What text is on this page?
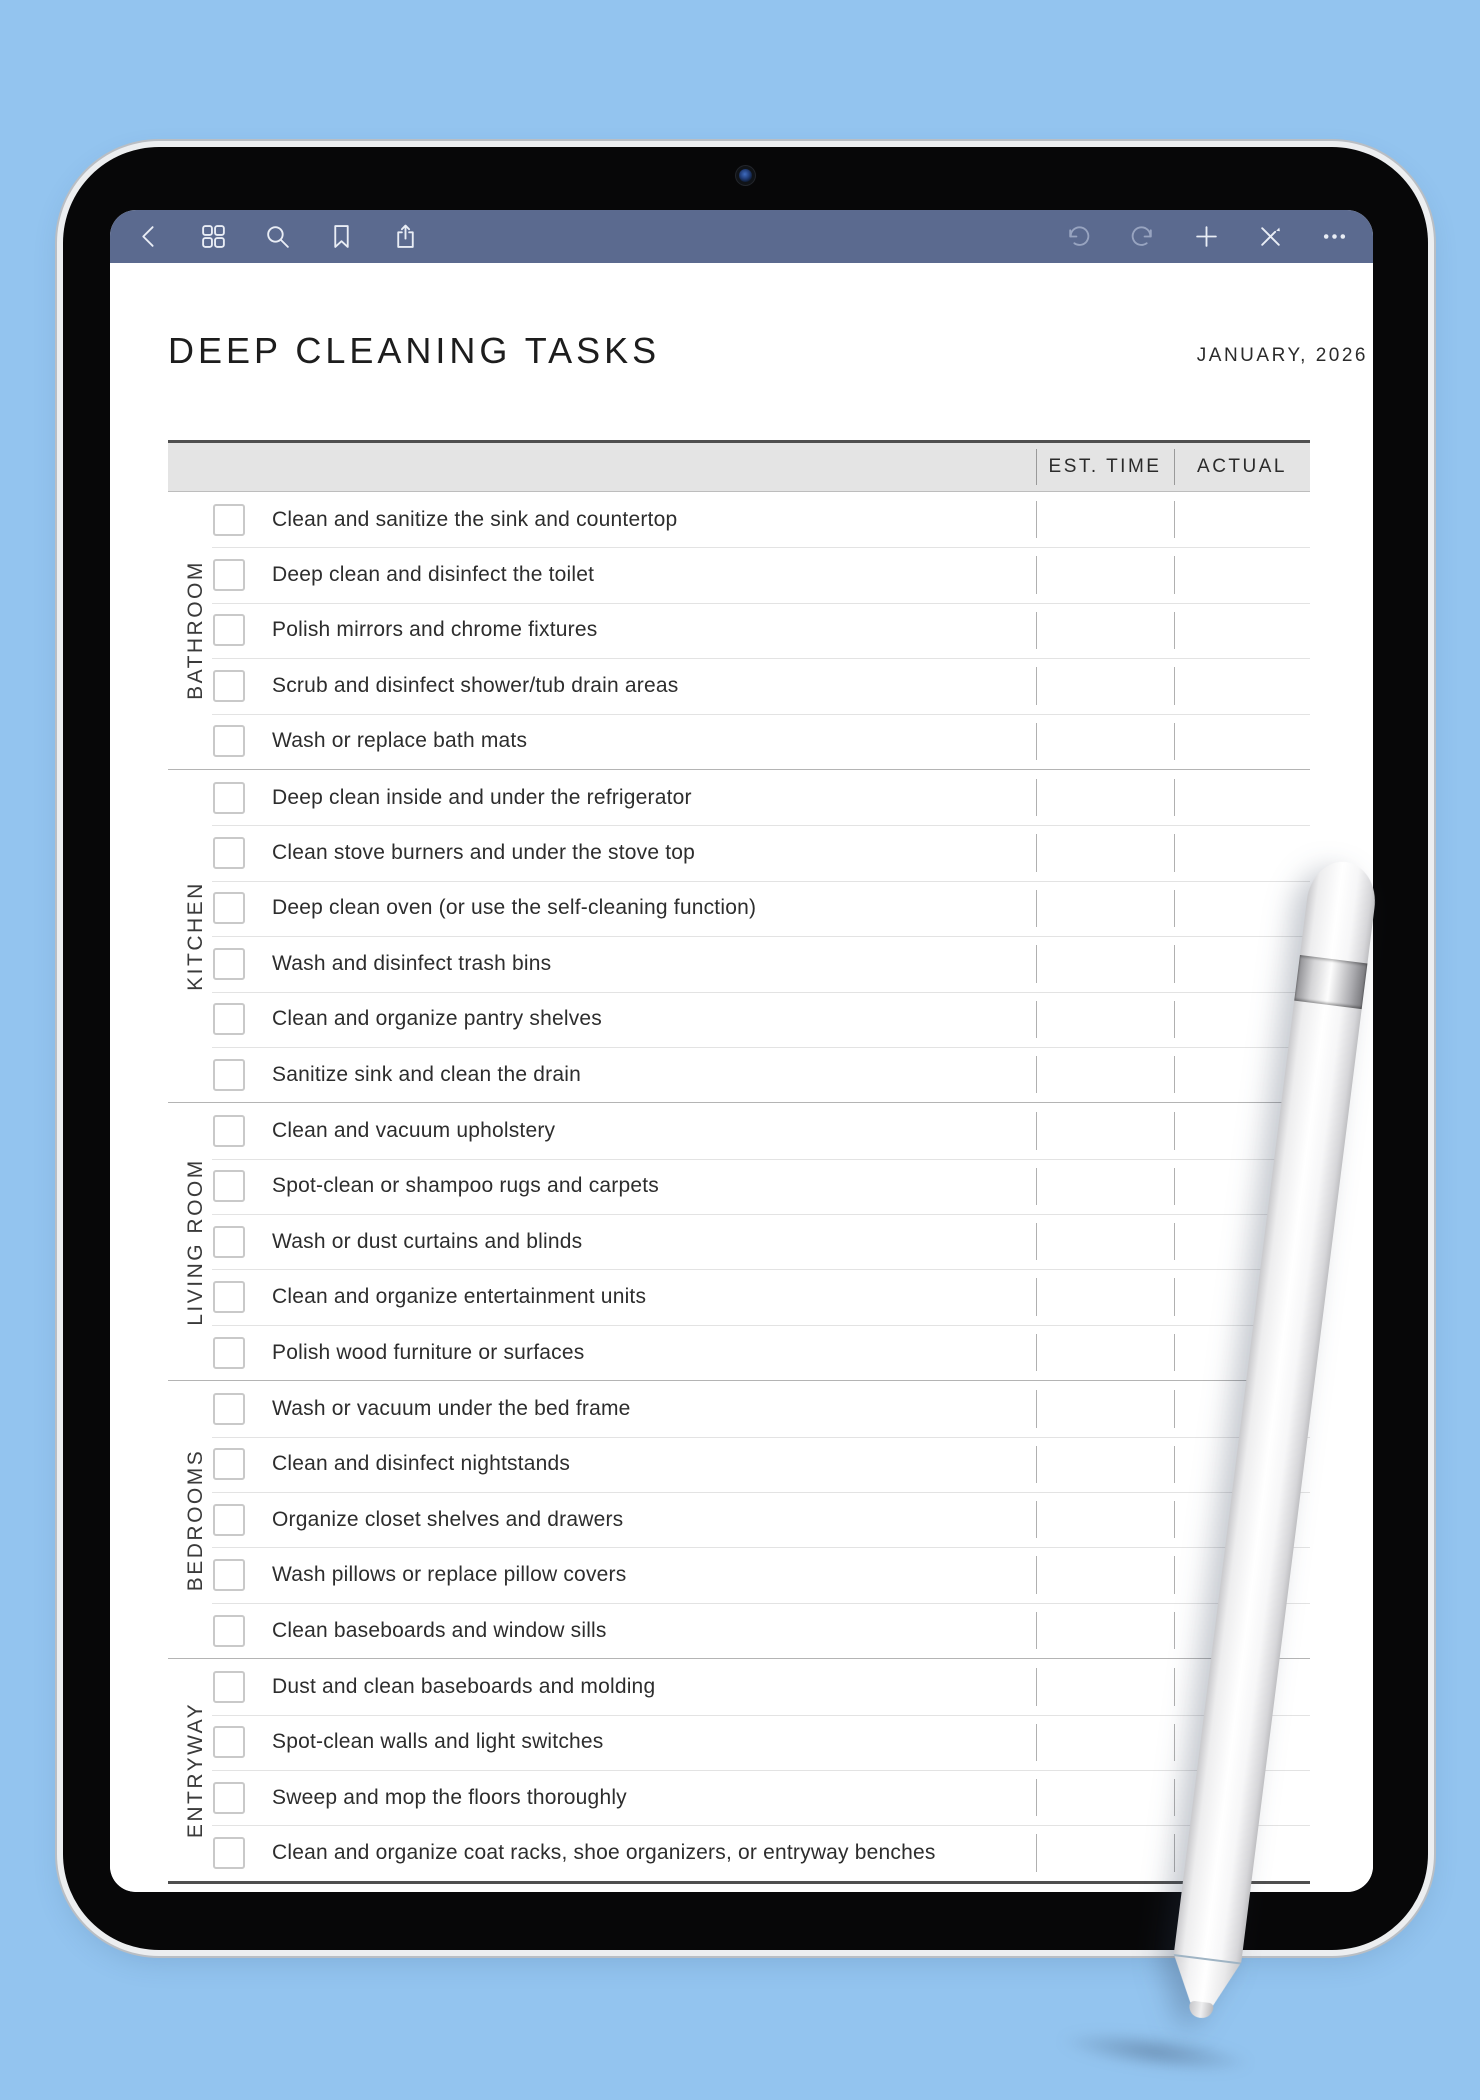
DEEP CLEANING TASKS	JANUARY, 2026
EST. TIME	ACTUAL
Clean and sanitize the sink and countertop
Deep clean and disinfect the toilet
Polish mirrors and chrome fixtures
Scrub and disinfect shower/tub drain areas
Wash or replace bath mats
BATHROOM
Deep clean inside and under the refrigerator
Clean stove burners and under the stove top
Deep clean oven (or use the self-cleaning function)
Wash and disinfect trash bins
Clean and organize pantry shelves
Sanitize sink and clean the drain
KITCHEN
Clean and vacuum upholstery
Spot-clean or shampoo rugs and carpets
Wash or dust curtains and blinds
Clean and organize entertainment units
Polish wood furniture or surfaces
LIVING ROOM
Wash or vacuum under the bed frame
Clean and disinfect nightstands
Organize closet shelves and drawers
Wash pillows or replace pillow covers
Clean baseboards and window sills
BEDROOMS
Dust and clean baseboards and molding
Spot-clean walls and light switches
Sweep and mop the floors thoroughly
Clean and organize coat racks, shoe organizers, or entryway benches
ENTRYWAY
